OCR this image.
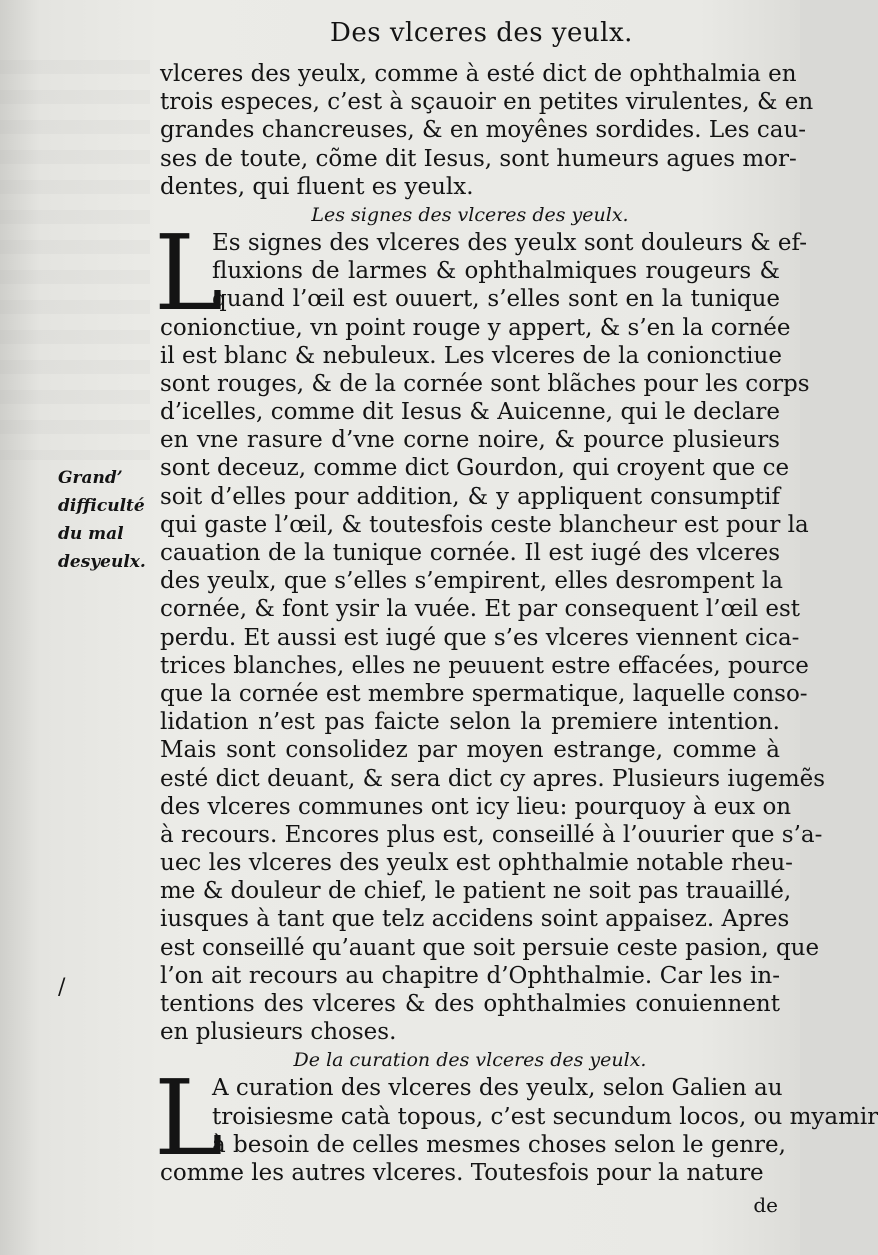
Des vlceres des yeulx.
Grand’
difficulté
du mal
desyeulx.
/
vlceres des yeulx, comme à esté dict de ophthalmia en
trois especes, c’est à sçauoir en petites virulentes, & en
grandes chancreuses, & en moyênes sordides. Les cau-
ses de toute, cõme dit Iesus, sont humeurs agues mor-
dentes, qui fluent es yeulx.
Les signes des vlceres des yeulx.
L
Es signes des vlceres des yeulx sont douleurs & ef-
fluxions de larmes & ophthalmiques rougeurs &
quand l’œil est ouuert, s’elles sont en la tunique
conionctiue, vn point rouge y appert, & s’en la cornée
il est blanc & nebuleux. Les vlceres de la conionctiue
sont rouges, & de la cornée sont blãches pour les corps
d’icelles, comme dit Iesus & Auicenne, qui le declare
en vne rasure d’vne corne noire, & pource plusieurs
sont deceuz, comme dict Gourdon, qui croyent que ce
soit d’elles pour addition, & y appliquent consumptif
qui gaste l’œil, & toutesfois ceste blancheur est pour la
cauation de la tunique cornée. Il est iugé des vlceres
des yeulx, que s’elles s’empirent, elles desrompent la
cornée, & font ysir la vuée. Et par consequent l’œil est
perdu. Et aussi est iugé que s’es vlceres viennent cica-
trices blanches, elles ne peuuent estre effacées, pource
que la cornée est membre spermatique, laquelle conso-
lidation n’est pas faicte selon la premiere intention.
Mais sont consolidez par moyen estrange, comme à
esté dict deuant, & sera dict cy apres. Plusieurs iugemẽs
des vlceres communes ont icy lieu: pourquoy à eux on
à recours. Encores plus est, conseillé à l’ouurier que s’a-
uec les vlceres des yeulx est ophthalmie notable rheu-
me & douleur de chief, le patient ne soit pas trauaillé,
iusques à tant que telz accidens soint appaisez. Apres
est conseillé qu’auant que soit persuie ceste pasion, que
l’on ait recours au chapitre d’Ophthalmie. Car les in-
tentions des vlceres & des ophthalmies conuiennent
en plusieurs choses.
De la curation des vlceres des yeulx.
L
A curation des vlceres des yeulx, selon Galien au
troisiesme catà topous, c’est secundum locos, ou myamir
à besoin de celles mesmes choses selon le genre,
comme les autres vlceres. Toutesfois pour la nature
de
